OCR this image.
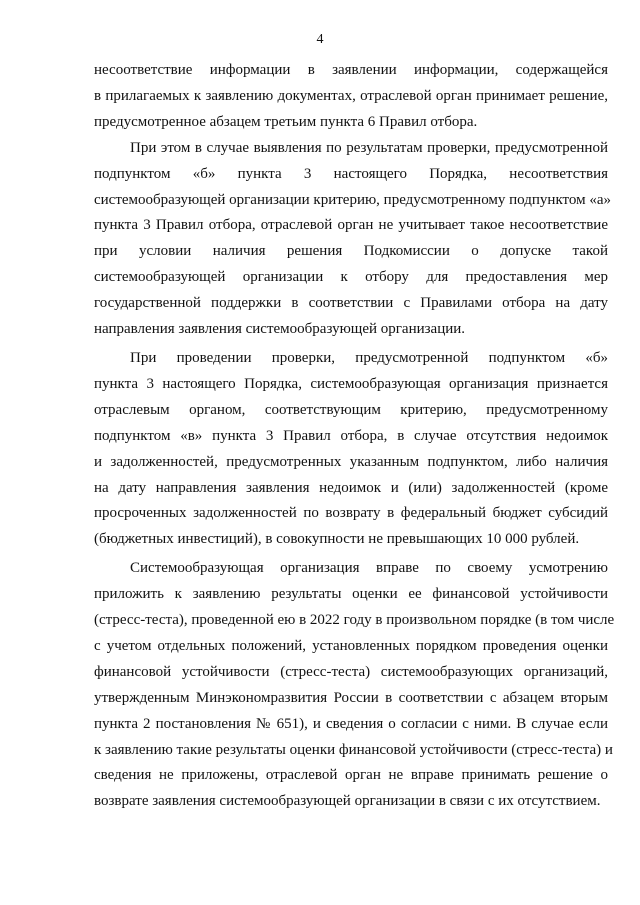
4

несоответствие информации в заявлении информации, содержащейся
в прилагаемых к заявлению документах, отраслевой орган принимает решение,
предусмотренное абзацем третьим пункта 6 Правил отбора.

При этом в случае выявления по результатам проверки, предусмотренной
подпунктом «б» пункта 3 настоящего Порядка, несоответствия
системообразующей организации критерию, предусмотренному подпунктом «а»
пункта 3 Правил отбора, отраслевой орган не учитывает такое несоответствие
при условии наличия решения Подкомиссии о допуске такой
системообразующей организации к отбору для предоставления мер
государственной поддержки в соответствии с Правилами отбора на дату
направления заявления системообразующей организации.

При проведении проверки, предусмотренной подпунктом «б»
пункта 3 настоящего Порядка, системообразующая организация признается
отраслевым органом, соответствующим критерию, предусмотренному
подпунктом «в» пункта 3 Правил отбора, в случае отсутствия недоимок
и задолженностей, предусмотренных указанным подпунктом, либо наличия
на дату направления заявления недоимок и (или) задолженностей (кроме
просроченных задолженностей по возврату в федеральный бюджет субсидий
(бюджетных инвестиций), в совокупности не превышающих 10 000 рублей.

Системообразующая организация вправе по своему усмотрению
приложить к заявлению результаты оценки ее финансовой устойчивости
(стресс-теста), проведенной ею в 2022 году в произвольном порядке (в том числе
с учетом отдельных положений, установленных порядком проведения оценки
финансовой устойчивости (стресс-теста) системообразующих организаций,
утвержденным Минэкономразвития России в соответствии с абзацем вторым
пункта 2 постановления № 651), и сведения о согласии с ними. В случае если
к заявлению такие результаты оценки финансовой устойчивости (стресс-теста) и
сведения не приложены, отраслевой орган не вправе принимать решение о
возврате заявления системообразующей организации в связи с их отсутствием.
